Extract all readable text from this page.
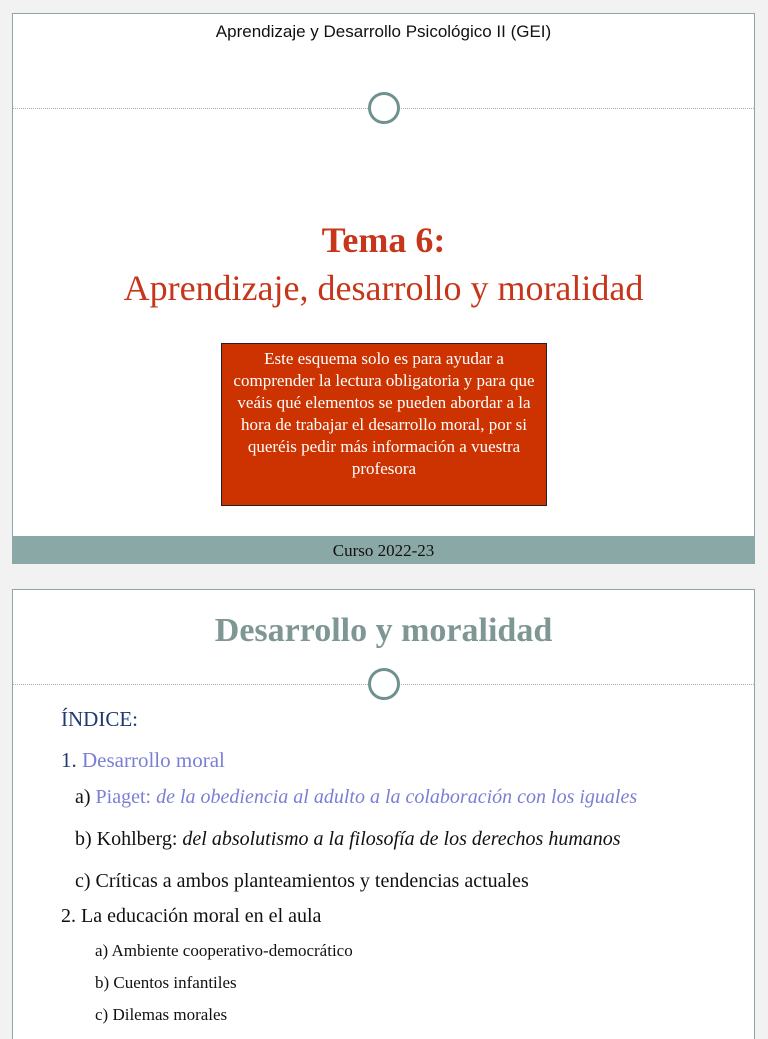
Aprendizaje y Desarrollo Psicológico II (GEI)
Tema 6:
Aprendizaje, desarrollo y moralidad
Este esquema solo es para ayudar a comprender la lectura obligatoria y para que veáis qué elementos se pueden abordar a la hora de trabajar el desarrollo moral, por si queréis pedir más información a vuestra profesora
Curso 2022-23
Desarrollo y moralidad
ÍNDICE:
1. Desarrollo moral
a) Piaget: de la obediencia al adulto a la colaboración con los iguales
b) Kohlberg: del absolutismo a la filosofía de los derechos humanos
c) Críticas a ambos planteamientos y tendencias actuales
2. La educación moral en el aula
a) Ambiente cooperativo-democrático
b) Cuentos infantiles
c) Dilemas morales
